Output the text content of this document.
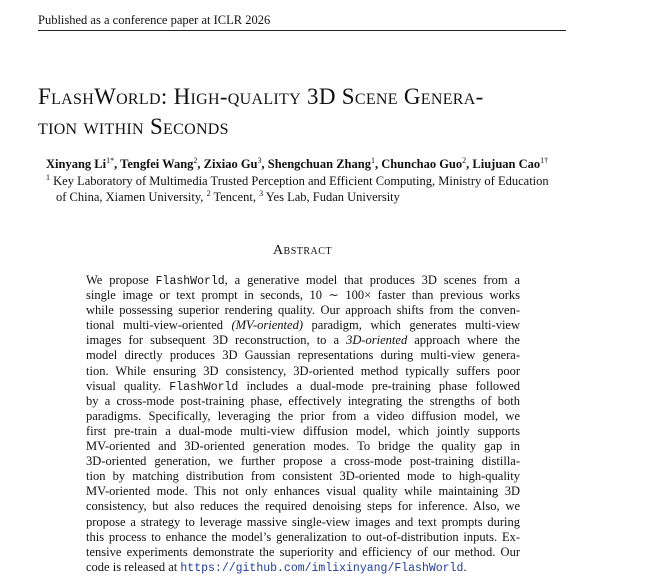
Published as a conference paper at ICLR 2026
FlashWorld: High-quality 3D Scene Genera-
tion within Seconds
Xinyang $Li^{1*}$, Tengfei Wang$^2$, Zixiao Gu$^3$, Shengchuan Zhang$^1$, Chunchao Guo$^2$, Liujuan Cao$^{1\dagger}$
$^1$ Key Laboratory of Multimedia Trusted Perception and Efficient Computing, Ministry of Education
of China, Xiamen University, $^2$ Tencent, $^3$ Yes Lab, Fudan University
Abstract
We propose FlashWorld, a generative model that produces 3D scenes from a
single image or text prompt in seconds, 10 ∼ 100× faster than previous works
while possessing superior rendering quality. Our approach shifts from the conven-
tional multi-view-oriented (MV-oriented) paradigm, which generates multi-view
images for subsequent 3D reconstruction, to a 3D-oriented approach where the
model directly produces 3D Gaussian representations during multi-view genera-
tion. While ensuring 3D consistency, 3D-oriented method typically suffers poor
visual quality. FlashWorld includes a dual-mode pre-training phase followed
by a cross-mode post-training phase, effectively integrating the strengths of both
paradigms. Specifically, leveraging the prior from a video diffusion model, we
first pre-train a dual-mode multi-view diffusion model, which jointly supports
MV-oriented and 3D-oriented generation modes. To bridge the quality gap in
3D-oriented generation, we further propose a cross-mode post-training distilla-
tion by matching distribution from consistent 3D-oriented mode to high-quality
MV-oriented mode. This not only enhances visual quality while maintaining 3D
consistency, but also reduces the required denoising steps for inference. Also, we
propose a strategy to leverage massive single-view images and text prompts during
this process to enhance the model’s generalization to out-of-distribution inputs. Ex-
tensive experiments demonstrate the superiority and efficiency of our method. Our
code is released at https://github.com/imlixinyang/FlashWorld.
